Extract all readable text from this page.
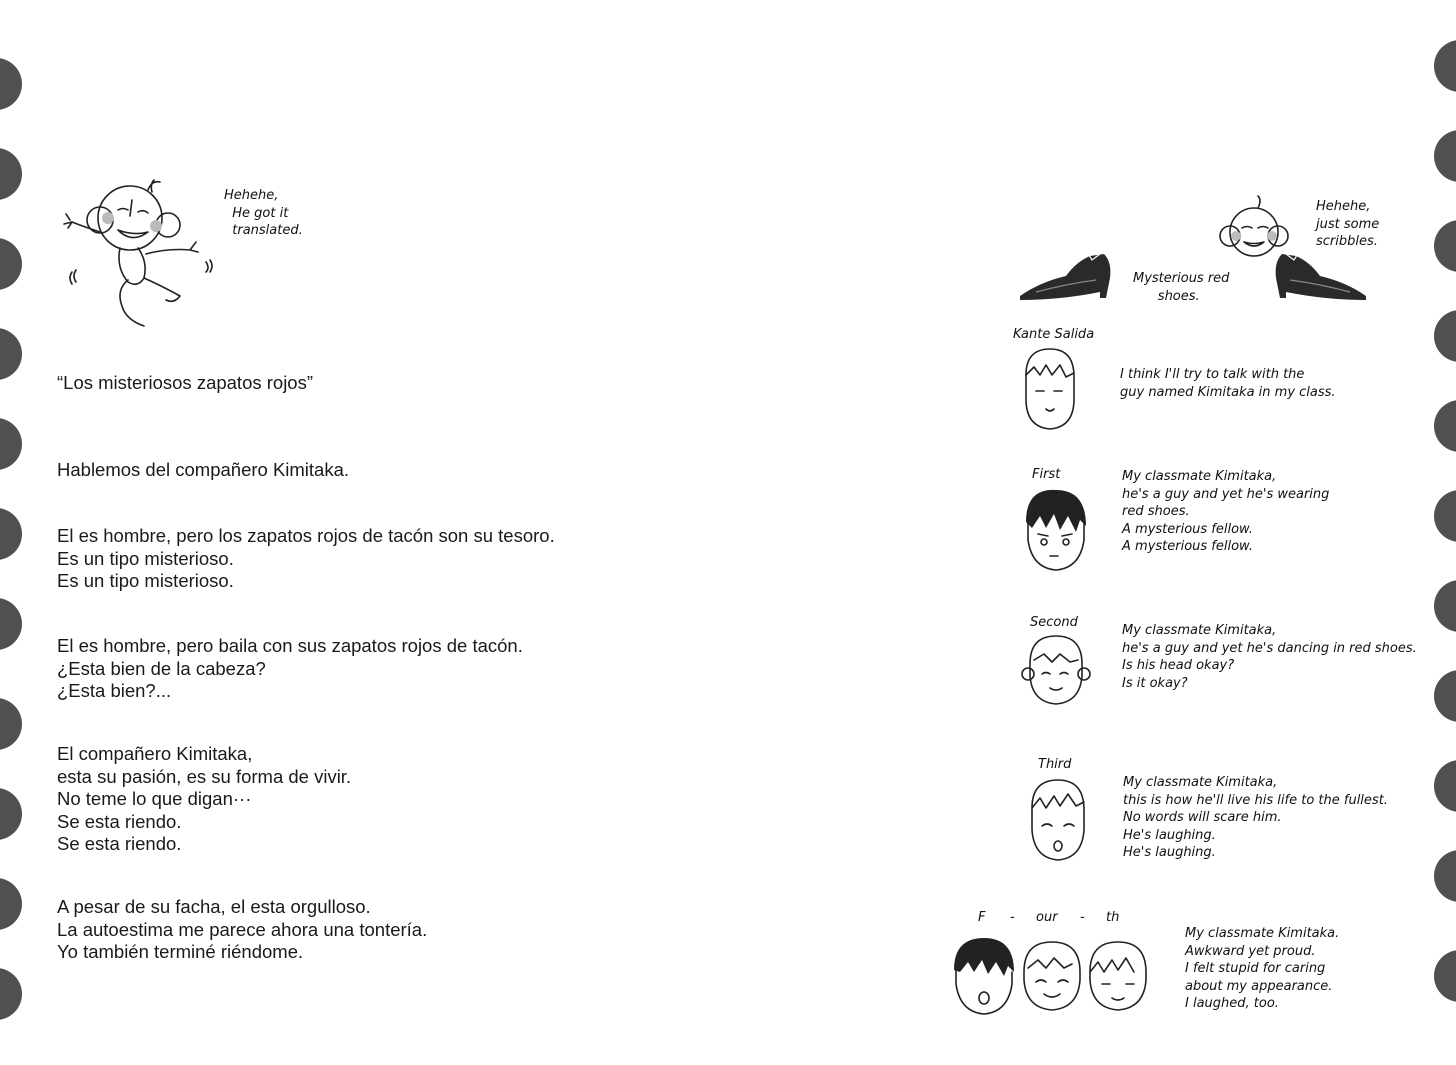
Hehehe,
He got it
translated.
“Los misteriosos zapatos rojos”
Hablemos del compañero Kimitaka.
El es hombre, pero los zapatos rojos de tacón son su tesoro.
Es un tipo misterioso.
Es un tipo misterioso.
El es hombre, pero baila con sus zapatos rojos de tacón.
¿Esta bien de la cabeza?
¿Esta bien?...
El compañero Kimitaka,
esta su pasión, es su forma de vivir.
No teme lo que digan···
Se esta riendo.
Se esta riendo.
A pesar de su facha, el esta orgulloso.
La autoestima me parece ahora una tontería.
Yo también terminé riéndome.
Hehehe,
just some
scribbles.
Mysterious red
shoes.
Kante Salida
I think I'll try to talk with the
guy named Kimitaka in my class.
First	My classmate Kimitaka,
he's a guy and yet he's wearing
red shoes.
A mysterious fellow.
A mysterious fellow.
Second
My classmate Kimitaka,
he's a guy and yet he's dancing in red shoes.
Is his head okay?
Is it okay?
Third
My classmate Kimitaka,
this is how he'll live his life to the fullest.
No words will scare him.
He's laughing.
He's laughing.
F - our - th
My classmate Kimitaka.
Awkward yet proud.
I felt stupid for caring
about my appearance.
I laughed, too.
